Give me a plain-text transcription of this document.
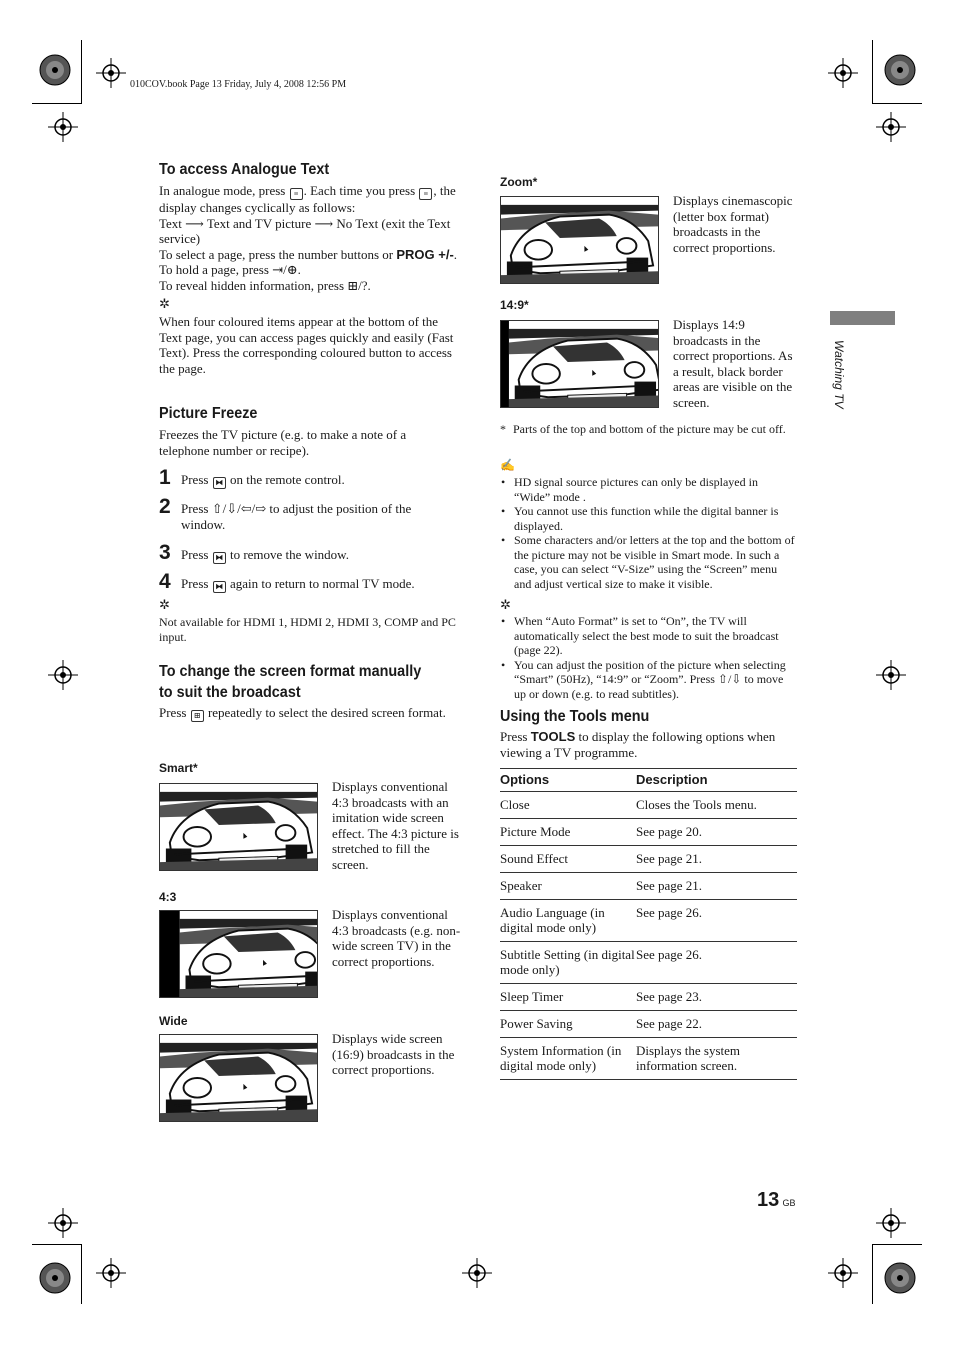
010COV.book Page 13 Friday, July 4, 2008 12:56 PM
Watching TV
To access Analogue Text
In analogue mode, press ≡ . Each time you press ≡ , the display changes cyclically as follows:
Text ⟶ Text and TV picture ⟶ No Text (exit the Text service)
To select a page, press the number buttons or PROG +/-.
To hold a page, press ⇥/⊕.
To reveal hidden information, press ⊞/?.
✲
When four coloured items appear at the bottom of the Text page, you can access pages quickly and easily (Fast Text). Press the corresponding coloured button to access the page.
Picture Freeze
Freezes the TV picture (e.g. to make a note of a telephone number or recipe).
1 Press ⧓ on the remote control.
2 Press ⇧/⇩/⇦/⇨ to adjust the position of the window.
3 Press ⧓ to remove the window.
4 Press ⧓ again to return to normal TV mode.
✲
Not available for HDMI 1, HDMI 2, HDMI 3, COMP and PC input.
To change the screen format manually to suit the broadcast
Press ⊞ repeatedly to select the desired screen format.
Smart*
Displays conventional 4:3 broadcasts with an imitation wide screen effect. The 4:3 picture is stretched to fill the screen.
4:3
Displays conventional 4:3 broadcasts (e.g. non-wide screen TV) in the correct proportions.
Wide
Displays wide screen (16:9) broadcasts in the correct proportions.
Zoom*
Displays cinemascopic (letter box format) broadcasts in the correct proportions.
14:9*
Displays 14:9 broadcasts in the correct proportions. As a result, black border areas are visible on the screen.
* Parts of the top and bottom of the picture may be cut off.
✍
• HD signal source pictures can only be displayed in “Wide” mode .
• You cannot use this function while the digital banner is displayed.
• Some characters and/or letters at the top and the bottom of the picture may not be visible in Smart mode. In such a case, you can select “V-Size” using the “Screen” menu and adjust vertical size to make it visible.
✲
• When “Auto Format” is set to “On”, the TV will automatically select the best mode to suit the broadcast (page 22).
• You can adjust the position of the picture when selecting “Smart” (50Hz), “14:9” or “Zoom”. Press ⇧/⇩ to move up or down (e.g. to read subtitles).
Using the Tools menu
Press TOOLS to display the following options when viewing a TV programme.
Options	Description
Close	Closes the Tools menu.
Picture Mode	See page 20.
Sound Effect	See page 21.
Speaker	See page 21.
Audio Language (in digital mode only)	See page 26.
Subtitle Setting (in digital mode only)	See page 26.
Sleep Timer	See page 23.
Power Saving	See page 22.
System Information (in digital mode only)	Displays the system information screen.
13 GB
